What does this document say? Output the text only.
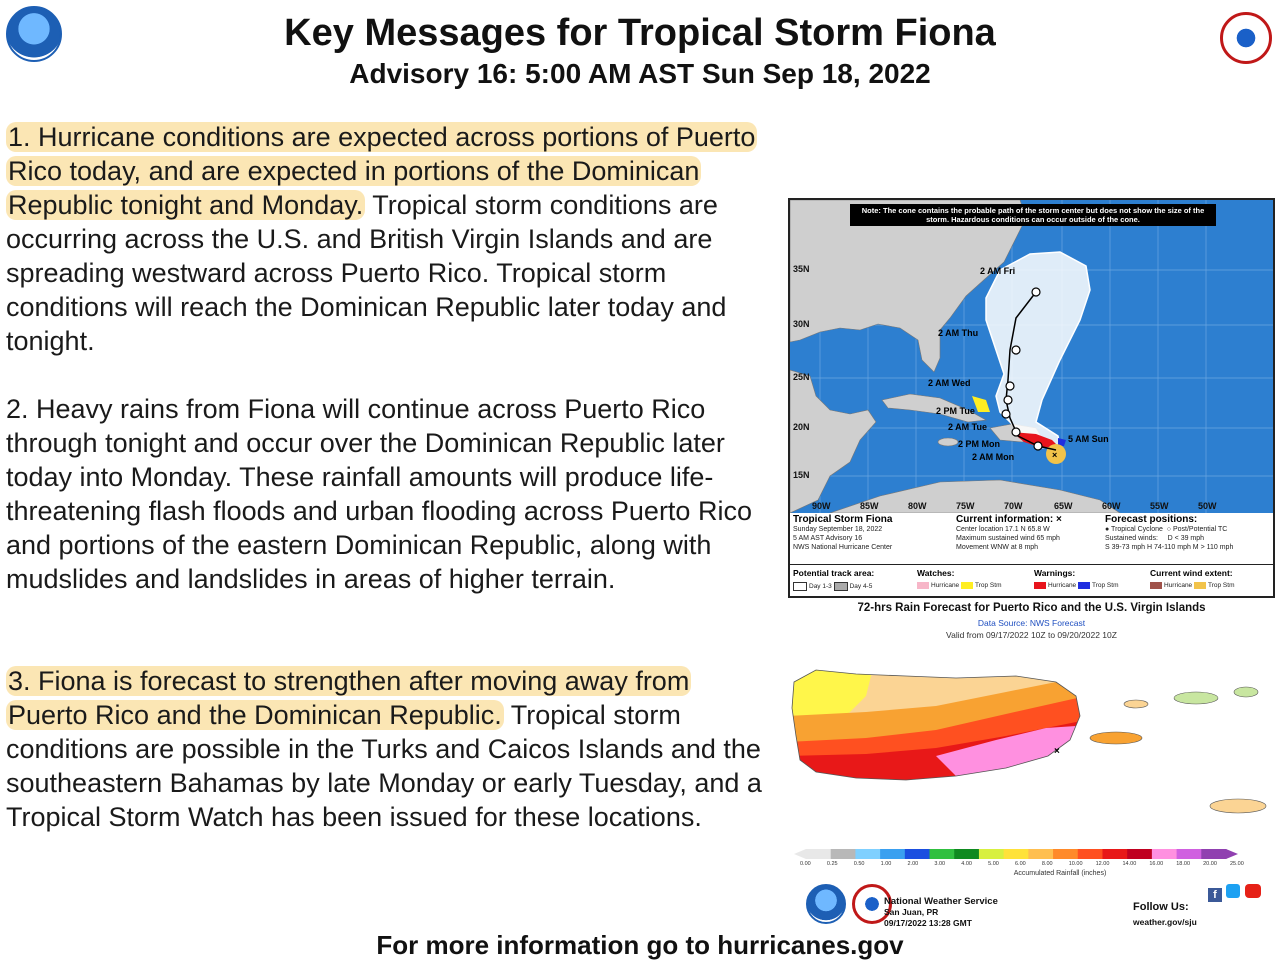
Key Messages for Tropical Storm Fiona
Advisory 16: 5:00 AM AST Sun Sep 18, 2022
1. Hurricane conditions are expected across portions of Puerto Rico today, and are expected in portions of the Dominican Republic tonight and Monday. Tropical storm conditions are occurring across the U.S. and British Virgin Islands and are spreading westward across Puerto Rico. Tropical storm conditions will reach the Dominican Republic later today and tonight.
2. Heavy rains from Fiona will continue across Puerto Rico through tonight and occur over the Dominican Republic later today into Monday. These rainfall amounts will produce life-threatening flash floods and urban flooding across Puerto Rico and portions of the eastern Dominican Republic, along with mudslides and landslides in areas of higher terrain.
3. Fiona is forecast to strengthen after moving away from Puerto Rico and the Dominican Republic. Tropical storm conditions are possible in the Turks and Caicos Islands and the southeastern Bahamas by late Monday or early Tuesday, and a Tropical Storm Watch has been issued for these locations.
×
Note: The cone contains the probable path of the storm center but does not show the size of the storm. Hazardous conditions can occur outside of the cone.
35N
30N
25N
20N
15N
90W	85W	80W	75W	70W	65W	60W	55W	50W
2 AM Fri
2 AM Thu
2 AM Wed
2 PM Tue
2 AM Tue
2 PM Mon
2 AM Mon
5 AM Sun
Tropical Storm Fiona
Sunday September 18, 2022
5 AM AST Advisory 16
NWS National Hurricane Center
Current information: ×
Center location 17.1 N 65.8 W
Maximum sustained wind 65 mph
Movement WNW at 8 mph
Forecast positions:
● Tropical Cyclone  ○ Post/Potential TC
Sustained winds: D < 39 mph
S 39-73 mph H 74-110 mph M > 110 mph
Potential track area:
Day 1-3	Day 4-5
Watches:
Hurricane Trop Stm
Warnings:
Hurricane Trop Stm
Current wind extent:
Hurricane Trop Stm
72-hrs Rain Forecast for Puerto Rico and the U.S. Virgin Islands
Data Source: NWS Forecast
Valid from 09/17/2022 10Z to 09/20/2022 10Z
×
0.00	0.25	0.50	1.00	2.00	3.00	4.00	5.00	6.00	8.00	10.00 12.00 14.00 16.00 18.00 20.00 25.00
Accumulated Rainfall (inches)
National Weather Service
San Juan, PR
09/17/2022 13:28 GMT
Follow Us:
weather.gov/sju
f
For more information go to hurricanes.gov
